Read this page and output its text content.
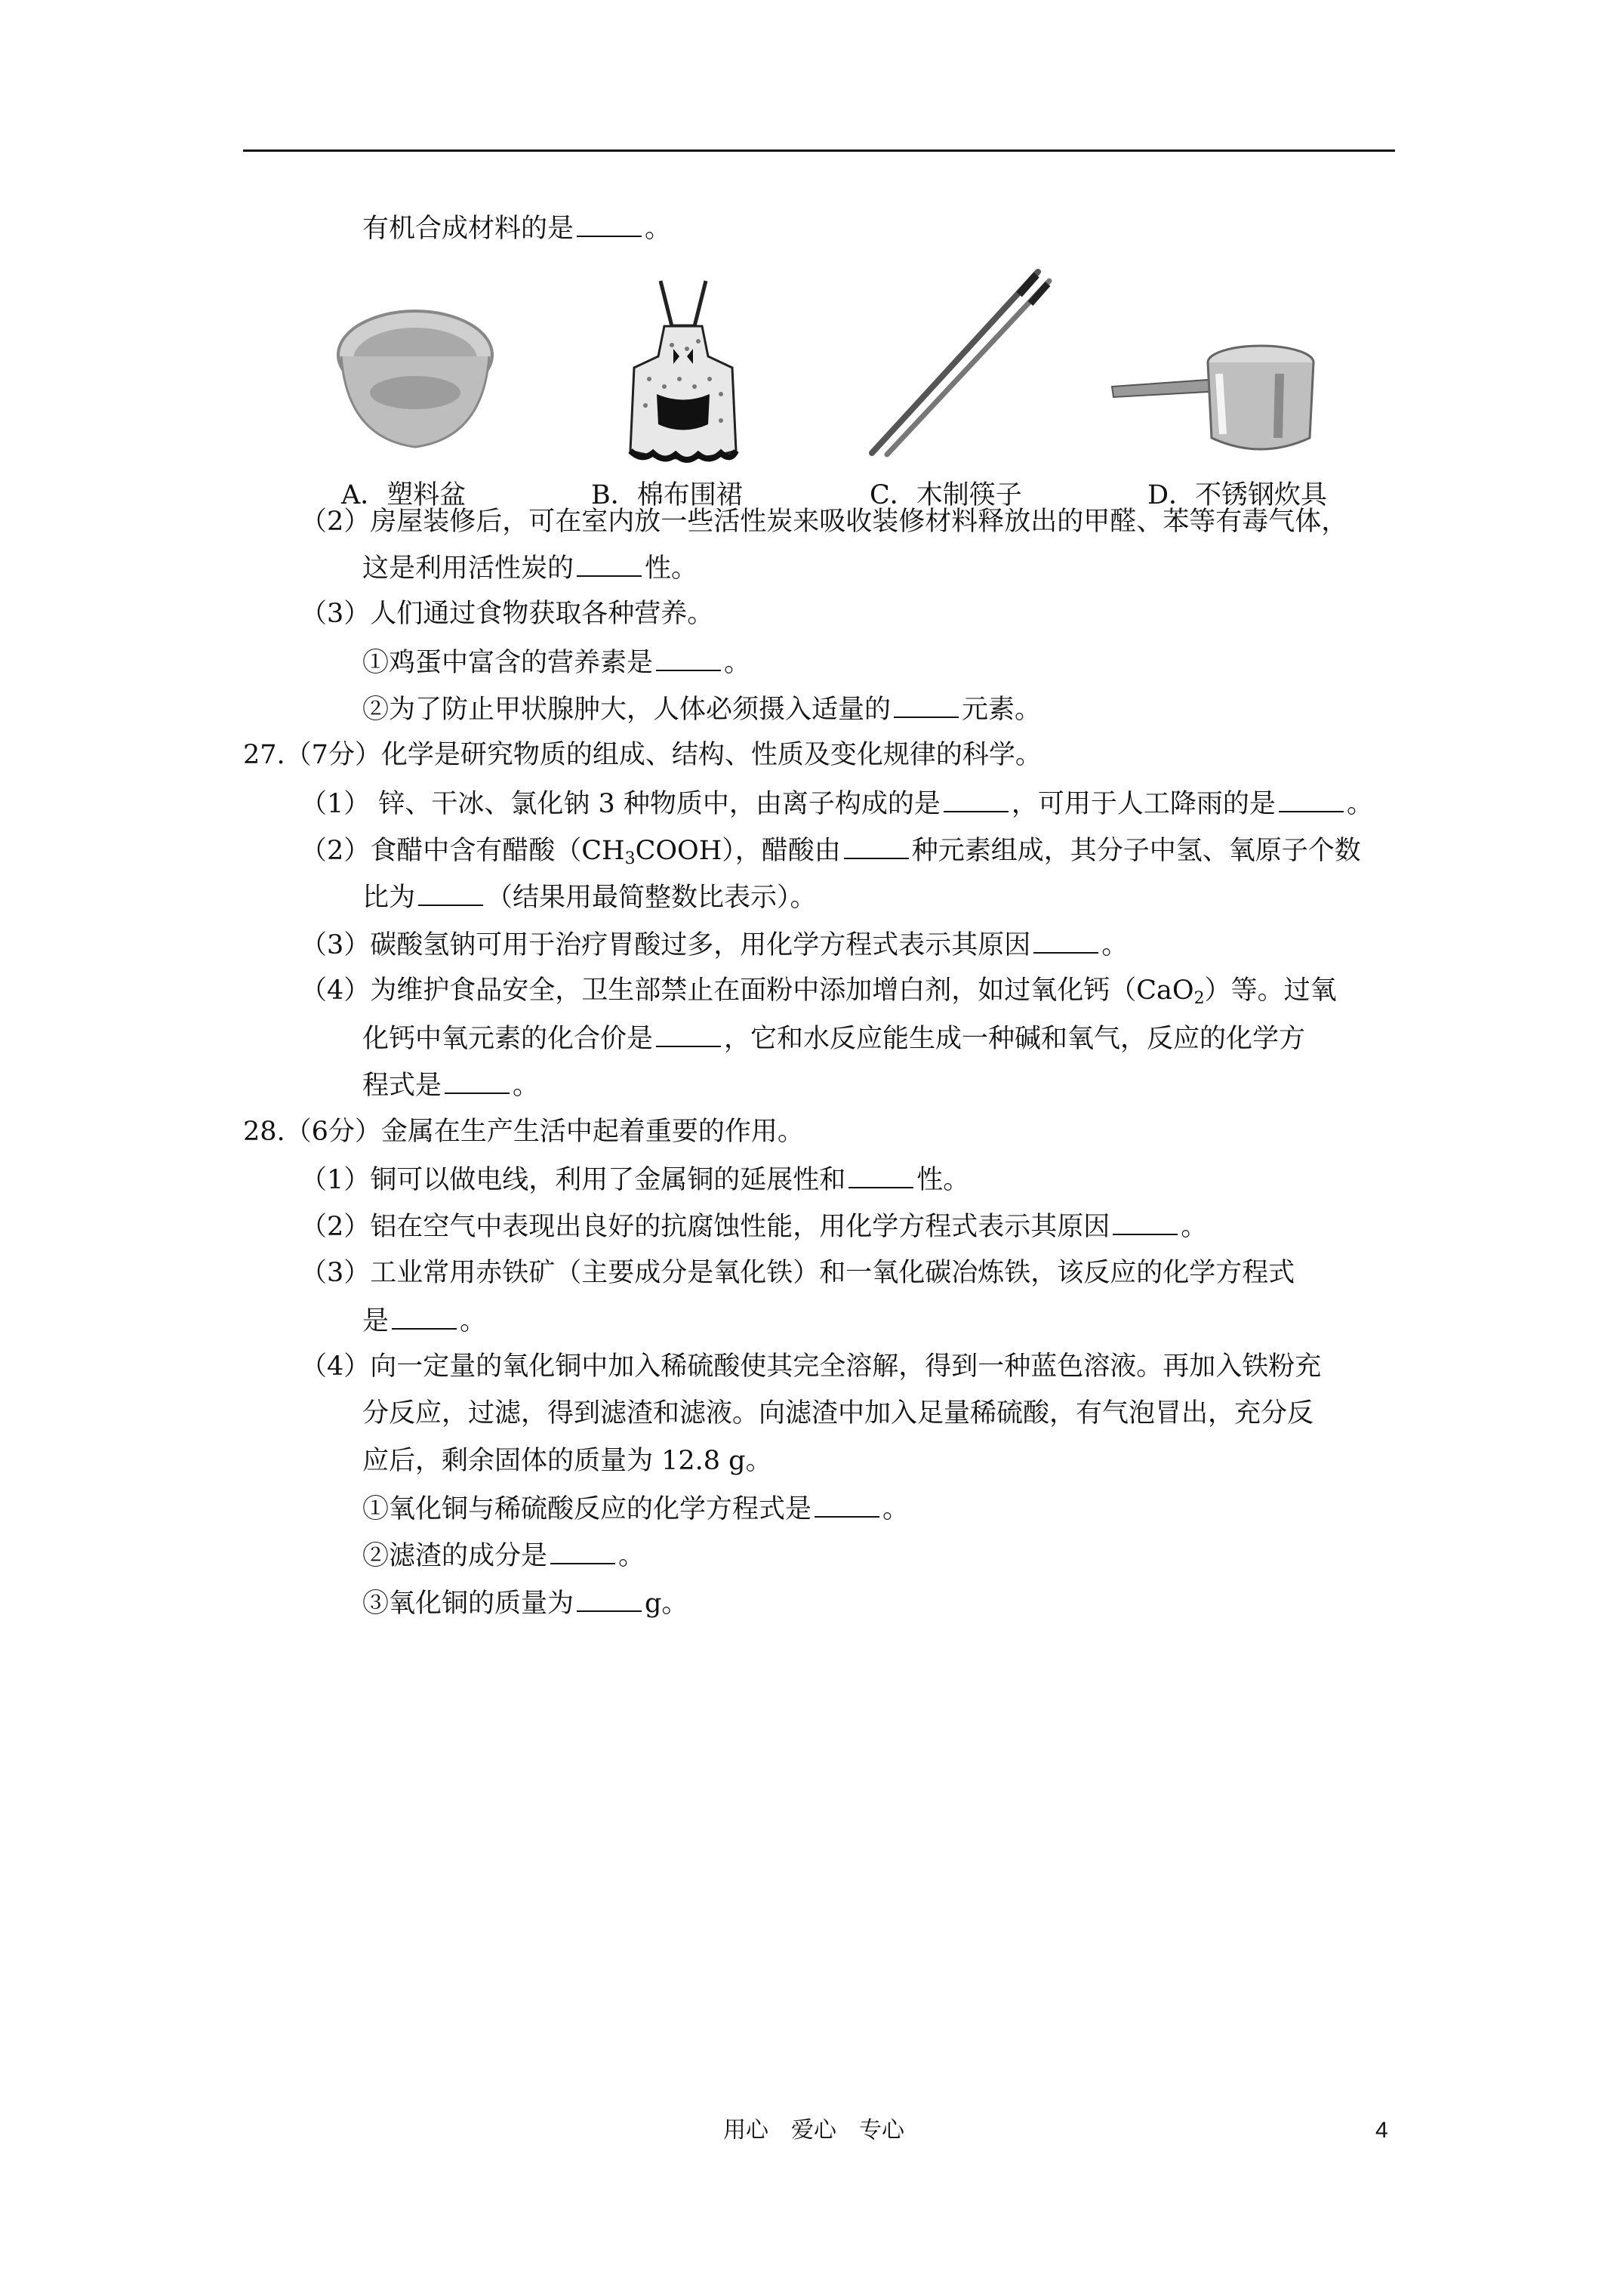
有机合成材料的是	。
A．塑料盆	B．棉布围裙	C．木制筷子	D．不锈钢炊具
（2）房屋装修后，可在室内放一些活性炭来吸收装修材料释放出的甲醛、苯等有毒气体，
这是利用活性炭的	性。
（3）人们通过食物获取各种营养。
①鸡蛋中富含的营养素是	。
②为了防止甲状腺肿大，人体必须摄入适量的	元素。
27.（7分）化学是研究物质的组成、结构、性质及变化规律的科学。
（1） 锌、干冰、氯化钠 3 种物质中，由离子构成的是	，可用于人工降雨的是	。
（2）食醋中含有醋酸$(CH_3COOH)$，醋酸由	种元素组成，其分子中氢、氧原子个数
比为	（结果用最简整数比表示）。
（3）碳酸氢钠可用于治疗胃酸过多，用化学方程式表示其原因	。
（4）为维护食品安全，卫生部禁止在面粉中添加增白剂，如过氧化钙（CaO$_2$）等。过氧
化钙中氧元素的化合价是	，它和水反应能生成一种碱和氧气，反应的化学方
程式是	。
28.（6分）金属在生产生活中起着重要的作用。
（1）铜可以做电线，利用了金属铜的延展性和	性。
（2）铝在空气中表现出良好的抗腐蚀性能，用化学方程式表示其原因	。
（3）工业常用赤铁矿（主要成分是氧化铁）和一氧化碳冶炼铁，该反应的化学方程式
是	。
（4）向一定量的氧化铜中加入稀硫酸使其完全溶解，得到一种蓝色溶液。再加入铁粉充
分反应，过滤，得到滤渣和滤液。向滤渣中加入足量稀硫酸，有气泡冒出，充分反
应后，剩余固体的质量为 12.8 g。
①氧化铜与稀硫酸反应的化学方程式是	。
②滤渣的成分是	。
③氧化铜的质量为	g。
用心　爱心　专心	4
